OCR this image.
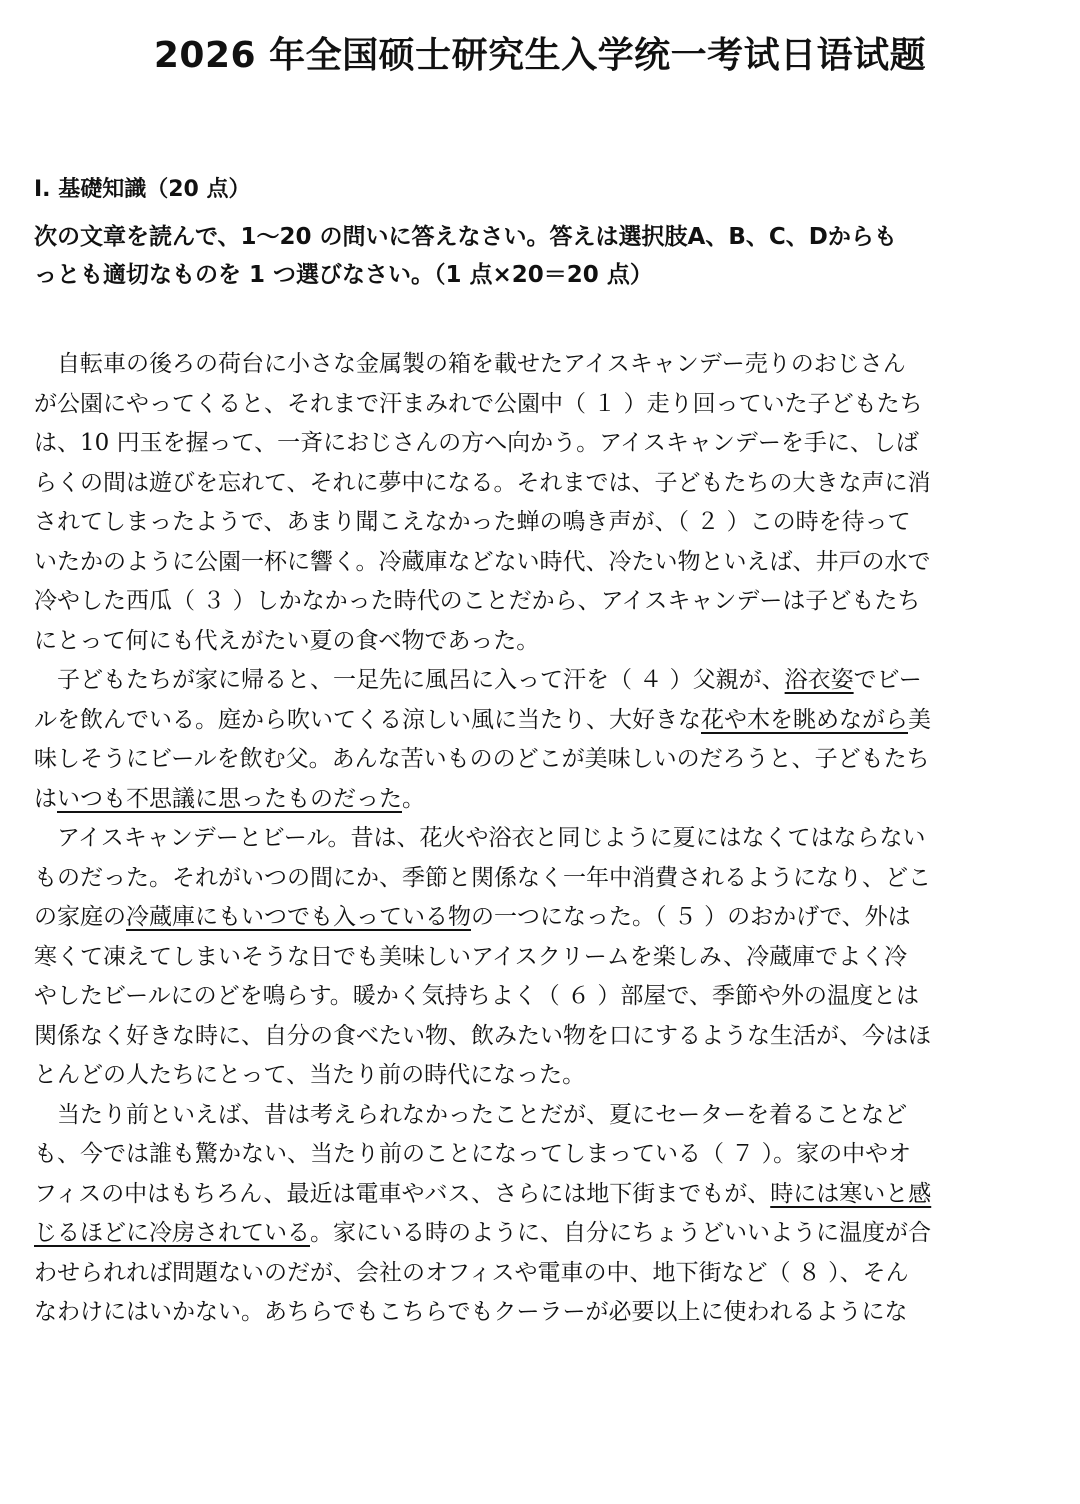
2026 年全国硕士研究生入学统一考试日语试题
I. 基礎知識（20 点）
次の文章を読んで、1～20 の問いに答えなさい。答えは選択肢A、B、C、Dからも
っとも適切なものを 1 つ選びなさい。（1 点×20＝20 点）
　自転車の後ろの荷台に小さな金属製の箱を載せたアイスキャンデー売りのおじさん
が公園にやってくると、それまで汗まみれで公園中（ １ ）走り回っていた子どもたち
は、10 円玉を握って、一斉におじさんの方へ向かう。アイスキャンデーを手に、しば
らくの間は遊びを忘れて、それに夢中になる。それまでは、子どもたちの大きな声に消
されてしまったようで、あまり聞こえなかった蝉の鳴き声が、（ ２ ）この時を待って
いたかのように公園一杯に響く。冷蔵庫などない時代、冷たい物といえば、井戸の水で
冷やした西瓜（ ３ ）しかなかった時代のことだから、アイスキャンデーは子どもたち
にとって何にも代えがたい夏の食べ物であった。
　子どもたちが家に帰ると、一足先に風呂に入って汗を（ ４ ）父親が、浴衣姿でビー
ルを飲んでいる。庭から吹いてくる涼しい風に当たり、大好きな花や木を眺めながら美
味しそうにビールを飲む父。あんな苦いもののどこが美味しいのだろうと、子どもたち
はいつも不思議に思ったものだった。
　アイスキャンデーとビール。昔は、花火や浴衣と同じように夏にはなくてはならない
ものだった。それがいつの間にか、季節と関係なく一年中消費されるようになり、どこ
の家庭の冷蔵庫にもいつでも入っている物の一つになった。（ ５ ）のおかげで、外は
寒くて凍えてしまいそうな日でも美味しいアイスクリームを楽しみ、冷蔵庫でよく冷
やしたビールにのどを鳴らす。暖かく気持ちよく（ ６ ）部屋で、季節や外の温度とは
関係なく好きな時に、自分の食べたい物、飲みたい物を口にするような生活が、今はほ
とんどの人たちにとって、当たり前の時代になった。
　当たり前といえば、昔は考えられなかったことだが、夏にセーターを着ることなど
も、今では誰も驚かない、当たり前のことになってしまっている（ ７ ）。家の中やオ
フィスの中はもちろん、最近は電車やバス、さらには地下街までもが、時には寒いと感
じるほどに冷房されている。家にいる時のように、自分にちょうどいいように温度が合
わせられれば問題ないのだが、会社のオフィスや電車の中、地下街など（ ８ ）、そん
なわけにはいかない。あちらでもこちらでもクーラーが必要以上に使われるようにな
